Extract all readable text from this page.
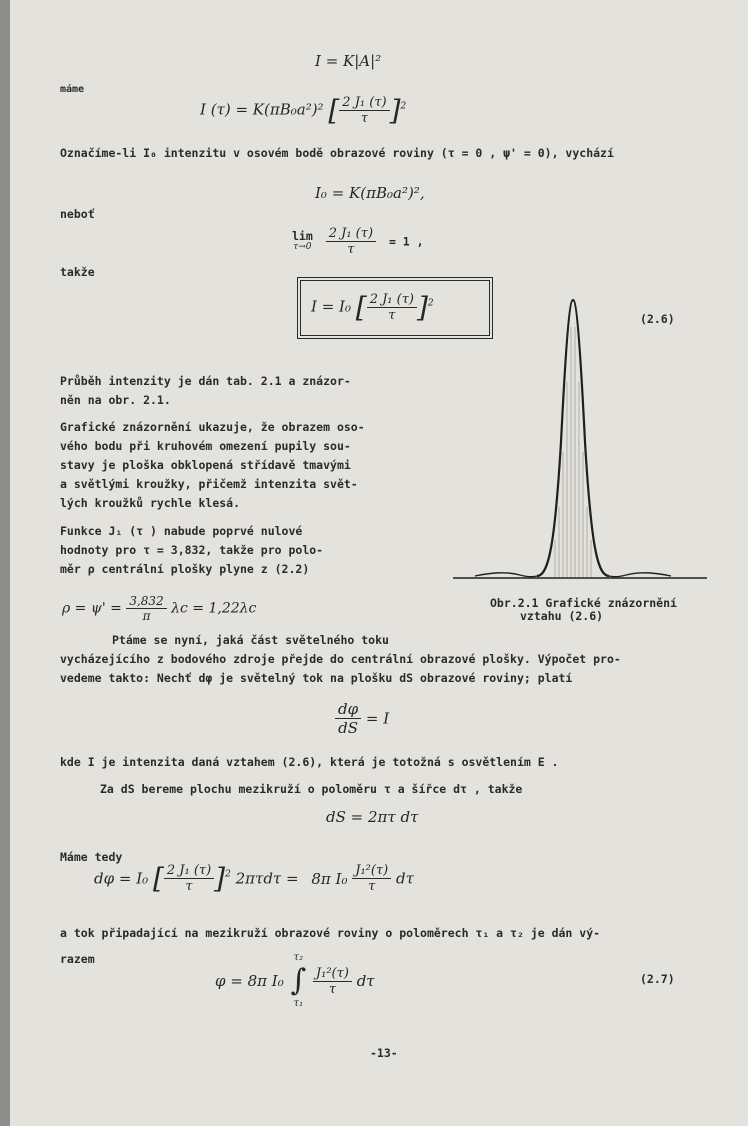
I = K|A|²
máme
I (τ) = K(πB₀a²)² [ $\frac{\text{2 J₁ (τ)}}{\tau} ]^2$
Označíme-li I₀ intenzitu v osovém bodě obrazové roviny (τ = 0 , ψ' = 0), vychází
I₀ = K(πB₀a²)²,
neboť
lim
τ→0
$\frac{\text{2 J₁ (τ)}}{\tau} = 1$ ,
takže
I = I₀ [ $\frac{\text{2 J₁ (τ)}}{\tau} ]^2$
(2.6)
Průběh intenzity je dán tab. 2.1 a znázor-
něn na obr. 2.1.
Grafické znázornění ukazuje, že obrazem oso-
vého bodu při kruhovém omezení pupily sou-
stavy je ploška obklopená střídavě tmavými
a světlými kroužky, přičemž intenzita svět-
lých kroužků rychle klesá.
Funkce J₁ (τ ) nabude poprvé nulové
hodnoty pro τ = 3,832, takže pro polo-
měr ρ centrální plošky plyne z (2.2)
$\rho = \psi' = \frac{3,832}{\pi}$ λc = 1,22λc	Obr.2.1 Grafické znázornění
vztahu (2.6)
Ptáme se nyní, jaká část světelného toku
vycházejícího z bodového zdroje přejde do centrální obrazové plošky. Výpočet pro-
vedeme takto: Nechť dφ je světelný tok na plošku dS obrazové roviny; platí
$\frac{d\varphi}{dS} = I$
kde I je intenzita daná vztahem (2.6), která je totožná s osvětlením E .
Za dS bereme plochu mezikruží o poloměru τ a šířce dτ , takže
dS = 2πτ dτ
Máme tedy
dφ = I₀ [ $\frac{\text{2 J₁ (τ)}}{\tau} ]^2$ 2πτdτ = 8π $I_0 \frac{\text{J₁²(τ)}}{\tau}$ dτ
a tok připadající na mezikruží obrazové roviny o poloměrech τ₁ a τ₂ je dán vý-
razem
φ = 8π I₀
τ₂
∫
τ₁

$\frac{\text{J₁²(τ)}}{\tau}$ dτ	(2.7)
-13-
